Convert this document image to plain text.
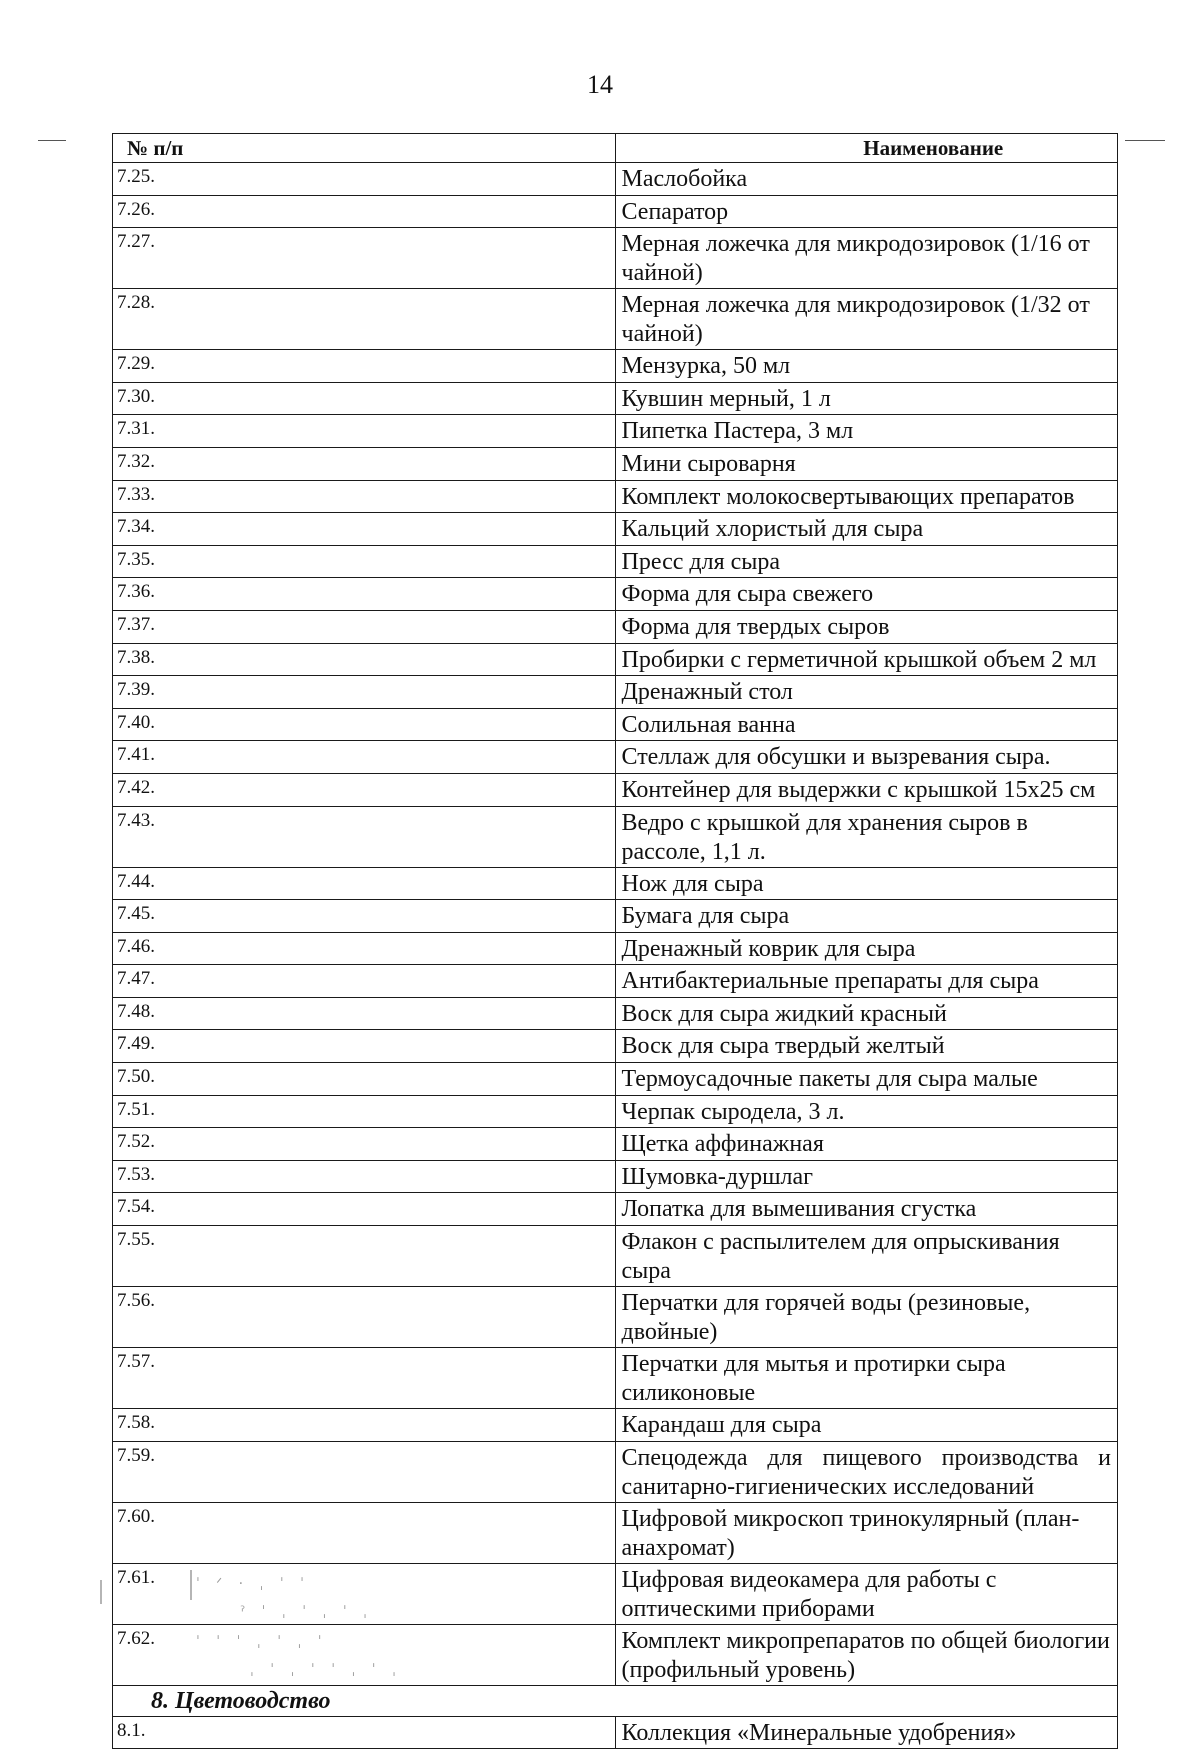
14
№ п/п	Наименование
7.25.	Маслобойка
7.26.	Сепаратор
7.27.	Мерная ложечка для микродозировок (1/16 от чайной)
7.28.	Мерная ложечка для микродозировок (1/32 от чайной)
7.29.	Мензурка, 50 мл
7.30.	Кувшин мерный, 1 л
7.31.	Пипетка Пастера, 3 мл
7.32.	Мини сыроварня
7.33.	Комплект молокосвертывающих препаратов
7.34.	Кальций хлористый для сыра
7.35.	Пресс для сыра
7.36.	Форма для сыра свежего
7.37.	Форма для твердых сыров
7.38.	Пробирки с герметичной крышкой объем 2 мл
7.39.	Дренажный стол
7.40.	Солильная ванна
7.41.	Стеллаж для обсушки и вызревания сыра.
7.42.	Контейнер для выдержки с крышкой 15х25 см
7.43.	Ведро с крышкой для хранения сыров в рассоле, 1,1 л.
7.44.	Нож для сыра
7.45.	Бумага для сыра
7.46.	Дренажный коврик для сыра
7.47.	Антибактериальные препараты для сыра
7.48.	Воск для сыра жидкий красный
7.49.	Воск для сыра твердый желтый
7.50.	Термоусадочные пакеты для сыра малые
7.51.	Черпак сыродела, 3 л.
7.52.	Щетка аффинажная
7.53.	Шумовка-дуршлаг
7.54.	Лопатка для вымешивания сгустка
7.55.	Флакон с распылителем для опрыскивания сыра
7.56.	Перчатки для горячей воды (резиновые, двойные)
7.57.	Перчатки для мытья и протирки сыра силиконовые
7.58.	Карандаш для сыра
7.59.	Спецодежда для пищевого производства и санитарно-гигиенических исследований
7.60.	Цифровой микроскоп тринокулярный (план-анахромат)
7.61.	Цифровая видеокамера для работы с оптическими приборами
7.62.	Комплект микропрепаратов по общей биологии (профильный уровень)
8. Цветоводство	
8.1.	Коллекция «Минеральные удобрения»
ˈ ᐟ · ˌ ˈ ˈ
ˀ ˈ ˌ ˈ ˌ ˈ ˌ
ˈ ˈ ˈ ˌ ˈ ˌ ˈ
ˌ ˈ ˌ ˈ ˈ ˌ ˈ ˌ
